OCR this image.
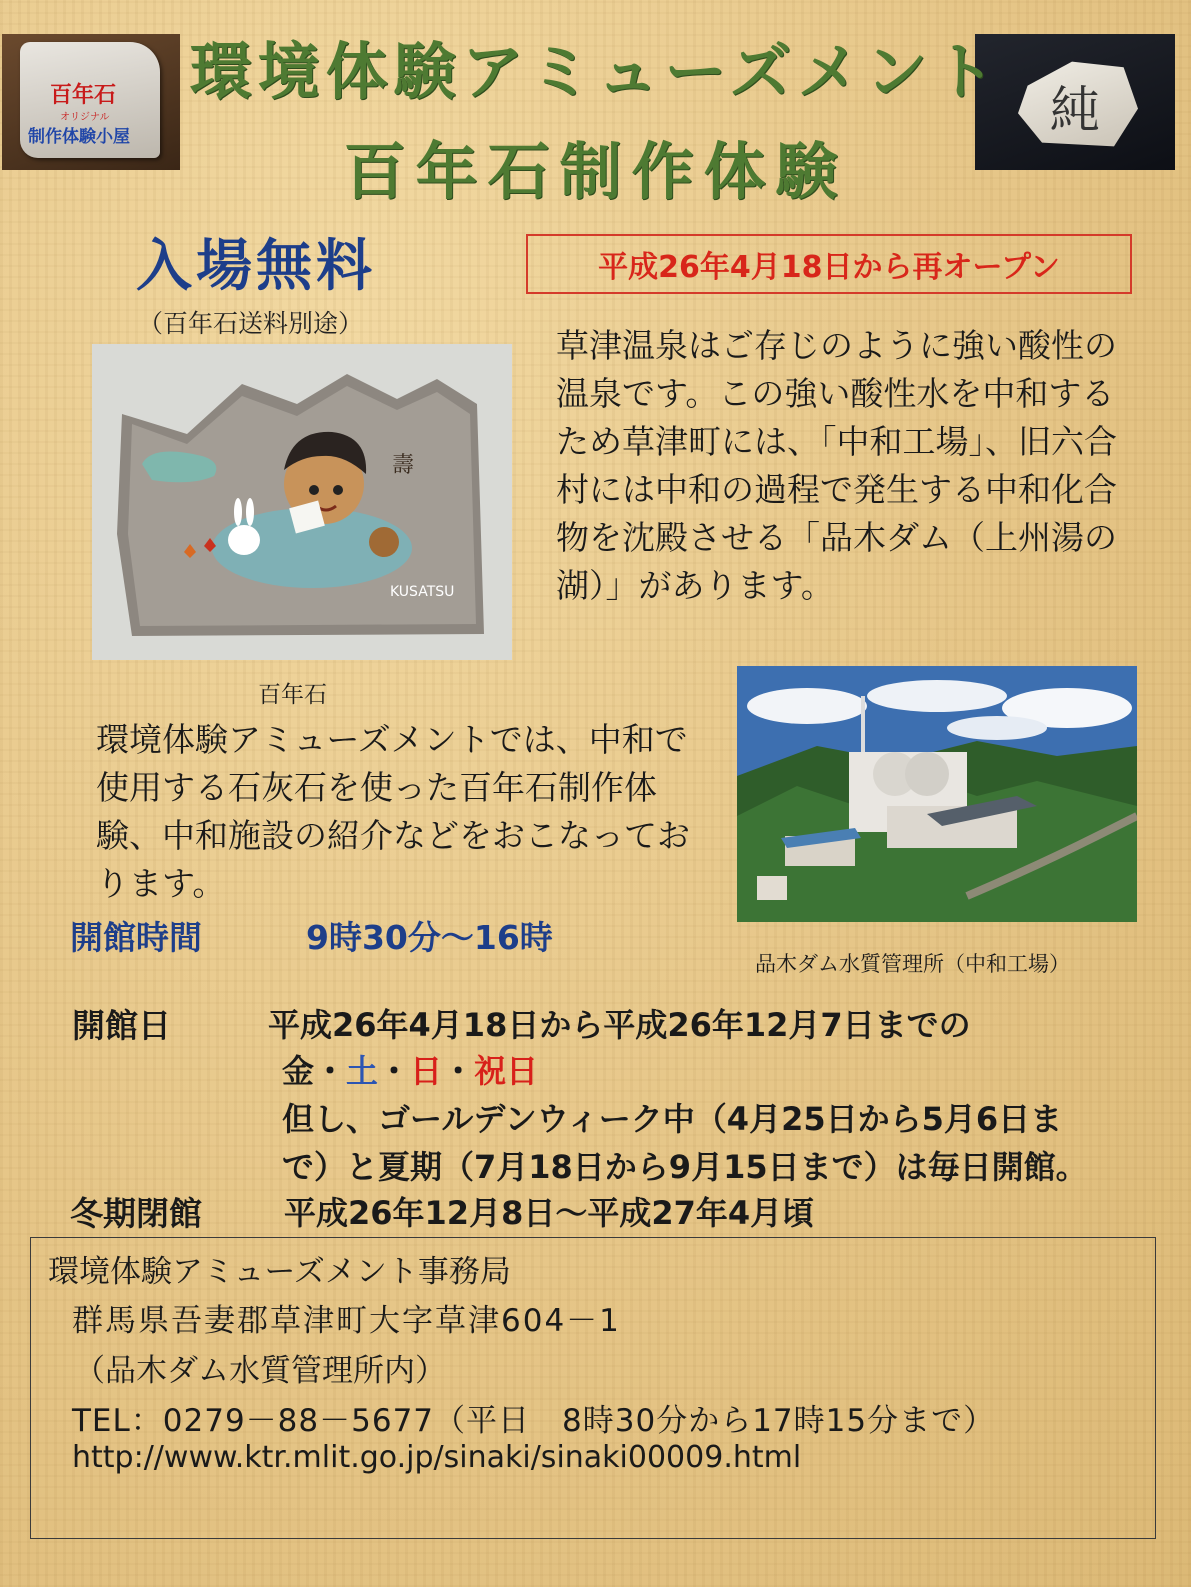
百年石
オリジナル
制作体験小屋	純
環境体験アミューズメント
百年石制作体験
入場無料
（百年石送料別途）
平成26年4月18日から再オープン
壽
KUSATSU
百年石
草津温泉はご存じのように強い酸性の温泉です。この強い酸性水を中和するため草津町には、「中和工場」、旧六合村には中和の過程で発生する中和化合物を沈殿させる「品木ダム（上州湯の湖）」があります。
環境体験アミューズメントでは、中和で使用する石灰石を使った百年石制作体験、中和施設の紹介などをおこなっております。
品木ダム水質管理所（中和工場）
開館時間	9時30分～16時
開館日	平成26年4月18日から平成26年12月7日までの
金・土・日・祝日
但し、ゴールデンウィーク中（4月25日から5月6日ま
で）と夏期（7月18日から9月15日まで）は毎日開館。
冬期閉館	平成26年12月8日～平成27年4月頃
環境体験アミューズメント事務局
群馬県吾妻郡草津町大字草津604－1
（品木ダム水質管理所内）
TEL：0279－88－5677（平日　8時30分から17時15分まで）
http://www.ktr.mlit.go.jp/sinaki/sinaki00009.html
